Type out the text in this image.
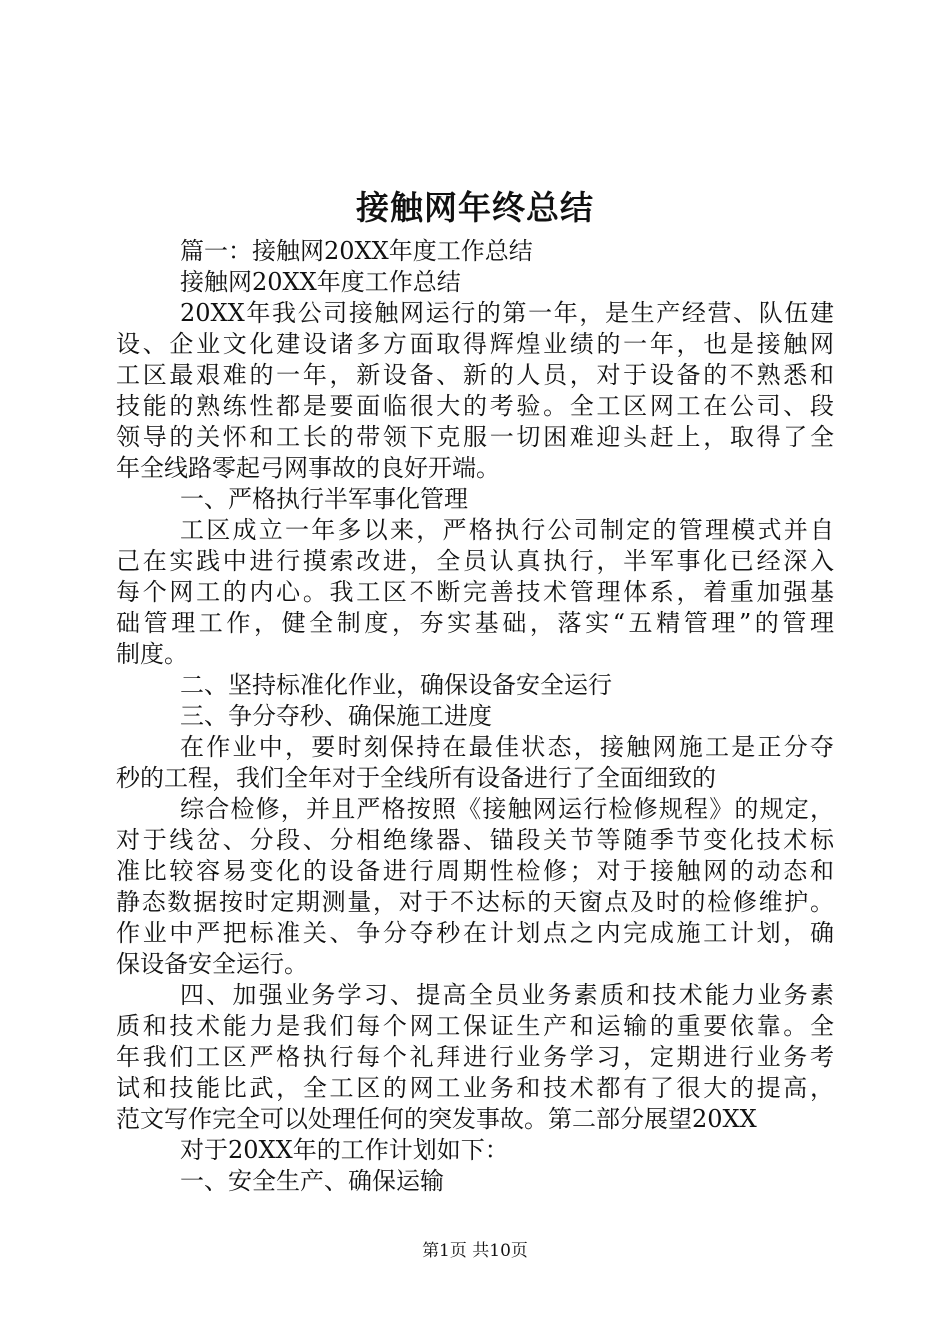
接触网年终总结
篇一：接触网20XX年度工作总结
接触网20XX年度工作总结
20XX年我公司接触网运行的第一年，是生产经营、队伍建
设、企业文化建设诸多方面取得辉煌业绩的一年，也是接触网
工区最艰难的一年，新设备、新的人员，对于设备的不熟悉和
技能的熟练性都是要面临很大的考验。全工区网工在公司、段
领导的关怀和工长的带领下克服一切困难迎头赶上，取得了全
年全线路零起弓网事故的良好开端。
一、严格执行半军事化管理
工区成立一年多以来，严格执行公司制定的管理模式并自
己在实践中进行摸索改进，全员认真执行，半军事化已经深入
每个网工的内心。我工区不断完善技术管理体系，着重加强基
础管理工作，健全制度，夯实基础，落实“五精管理”的管理
制度。
二、坚持标准化作业，确保设备安全运行
三、争分夺秒、确保施工进度
在作业中，要时刻保持在最佳状态，接触网施工是正分夺
秒的工程，我们全年对于全线所有设备进行了全面细致的
综合检修，并且严格按照《接触网运行检修规程》的规定，
对于线岔、分段、分相绝缘器、锚段关节等随季节变化技术标
准比较容易变化的设备进行周期性检修；对于接触网的动态和
静态数据按时定期测量，对于不达标的天窗点及时的检修维护。
作业中严把标准关、争分夺秒在计划点之内完成施工计划，确
保设备安全运行。
四、加强业务学习、提高全员业务素质和技术能力业务素
质和技术能力是我们每个网工保证生产和运输的重要依靠。全
年我们工区严格执行每个礼拜进行业务学习，定期进行业务考
试和技能比武，全工区的网工业务和技术都有了很大的提高，
范文写作完全可以处理任何的突发事故。第二部分展望20XX
对于20XX年的工作计划如下：
一、安全生产、确保运输
第1页 共10页
